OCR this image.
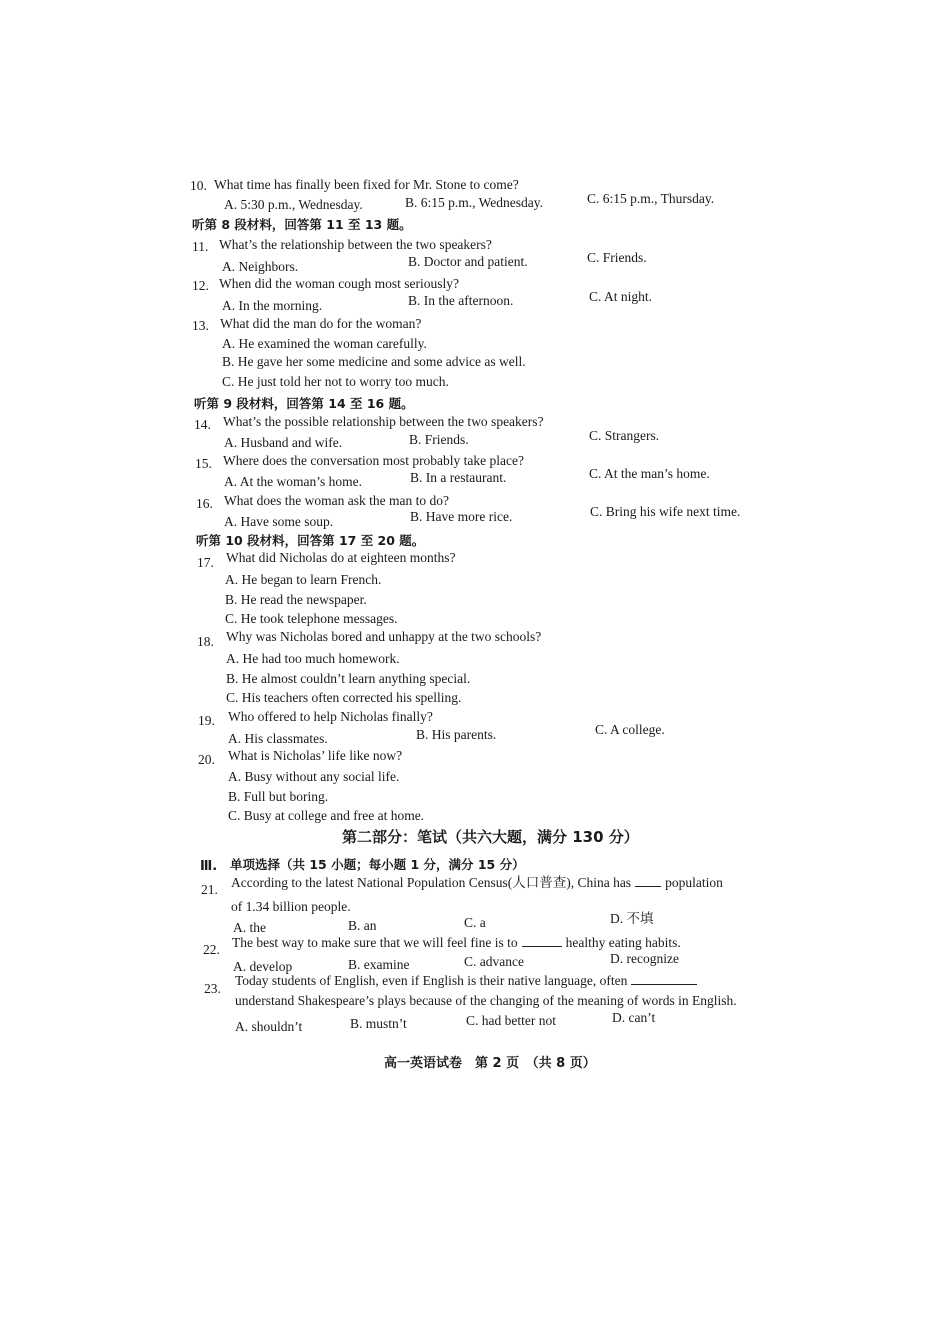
10. What time has finally been fixed for Mr. Stone to come?
A. 5:30 p.m., Wednesday.	B. 6:15 p.m., Wednesday.	C. 6:15 p.m., Thursday.
听第 8 段材料，回答第 11 至 13 题。
11. What’s the relationship between the two speakers?
A. Neighbors.	B. Doctor and patient.	C. Friends.
12. When did the woman cough most seriously?
A. In the morning.	B. In the afternoon.	C. At night.
13. What did the man do for the woman?
A. He examined the woman carefully.
B. He gave her some medicine and some advice as well.
C. He just told her not to worry too much.
听第 9 段材料，回答第 14 至 16 题。
14. What’s the possible relationship between the two speakers?
A. Husband and wife.	B. Friends.	C. Strangers.
15. Where does the conversation most probably take place?
A. At the woman’s home.	B. In a restaurant.	C. At the man’s home.
16. What does the woman ask the man to do?
A. Have some soup.	B. Have more rice.	C. Bring his wife next time.
听第 10 段材料，回答第 17 至 20 题。
17. What did Nicholas do at eighteen months?
A. He began to learn French.
B. He read the newspaper.
C. He took telephone messages.
18. Why was Nicholas bored and unhappy at the two schools?
A. He had too much homework.
B. He almost couldn’t learn anything special.
C. His teachers often corrected his spelling.
19. Who offered to help Nicholas finally?
A. His classmates.	B. His parents.	C. A college.
20. What is Nicholas’ life like now?
A. Busy without any social life.
B. Full but boring.
C. Busy at college and free at home.
第二部分：笔试（共六大题，满分 130 分）
Ⅲ. 单项选择（共 15 小题；每小题 1 分，满分 15 分）
21. According to the latest National Population Census(人口普查), China has	population
of 1.34 billion people.
A. the	B. an	C. a	D. 不填
22. The best way to make sure that we will feel fine is to	healthy eating habits.
A. develop	B. examine	C. advance	D. recognize
23.
Today students of English, even if English is their native language, often
understand Shakespeare’s plays because of the changing of the meaning of words in English.
A. shouldn’t	B. mustn’t	C. had better not	D. can’t
高一英语试卷　第 2 页　（共 8 页）
